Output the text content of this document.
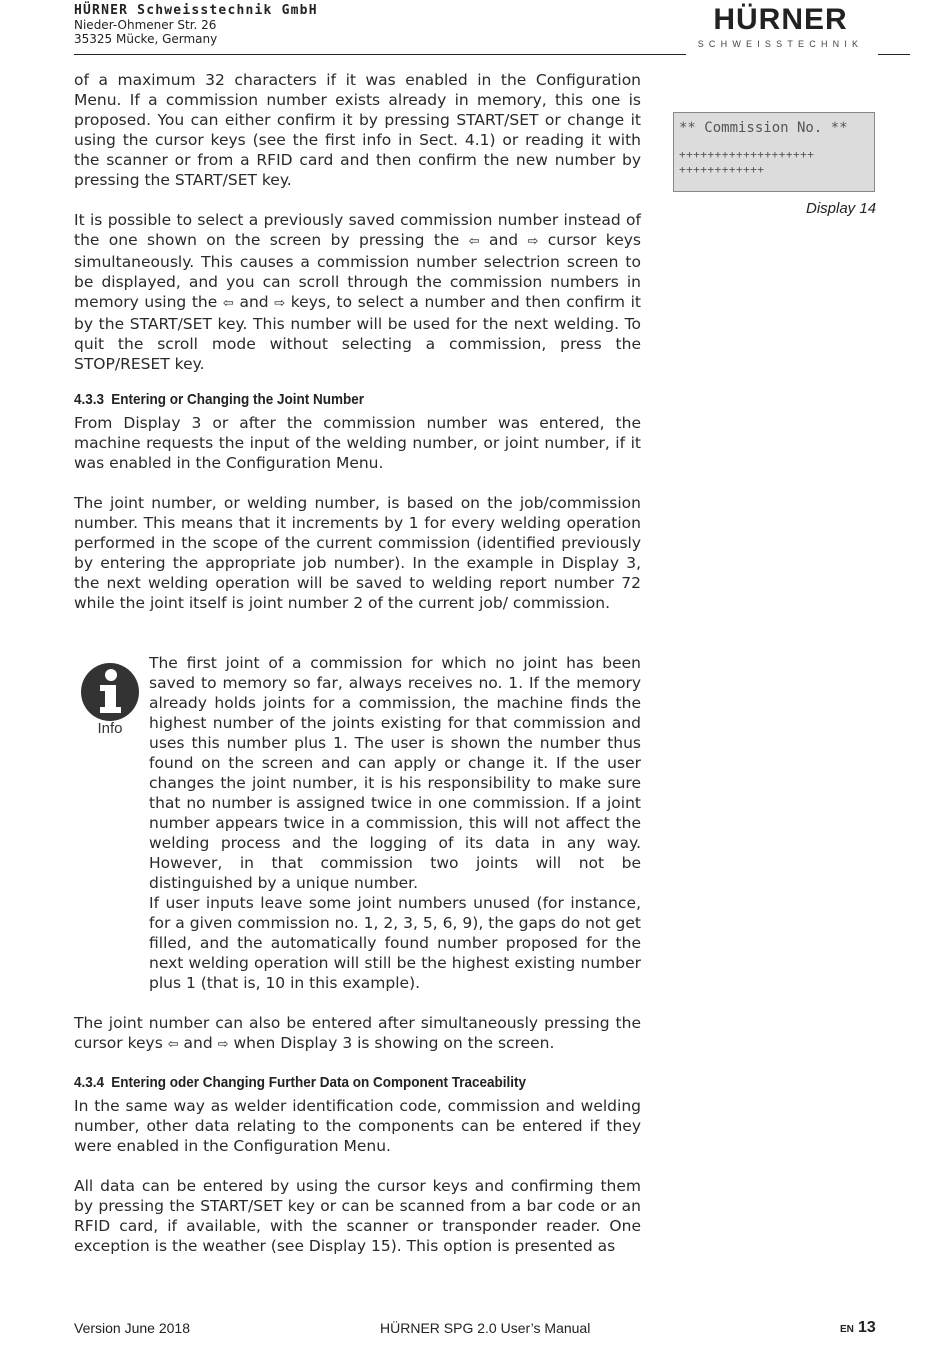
HÜRNER Schweisstechnik GmbH
Nieder-Ohmener Str. 26
35325 Mücke, Germany
HÜRNER
SCHWEISSTECHNIK
** Commission No. **
+++++++++++++++++++
++++++++++++
Display 14
of a maximum 32 characters if it was enabled in the Configuration Menu. If a commission number exists already in memory, this one is proposed. You can either confirm it by pressing START/SET or change it using the cursor keys (see the first info in Sect. 4.1) or reading it with the scanner or from a RFID card and then confirm the new number by pressing the START/SET key.
It is possible to select a previously saved commission number instead of the one shown on the screen by pressing the ⇦ and ⇨ cursor keys simultaneously. This causes a commission number selectrion screen to be displayed, and you can scroll through the commission numbers in memory using the ⇦ and ⇨ keys, to select a number and then confirm it by the START/SET key. This number will be used for the next welding. To quit the scroll mode without selecting a commission, press the STOP/RESET key.
4.3.3 Entering or Changing the Joint Number
From Display 3 or after the commission number was entered, the machine requests the input of the welding number, or joint number, if it was enabled in the Configuration Menu.
The joint number, or welding number, is based on the job/commission number. This means that it increments by 1 for every welding operation performed in the scope of the current commission (identified previously by entering the appropriate job number). In the example in Display 3, the next welding operation will be saved to welding report number 72 while the joint itself is joint number 2 of the current job/ commission.
Info
The first joint of a commission for which no joint has been saved to memory so far, always receives no. 1. If the memory already holds joints for a commission, the machine finds the highest number of the joints existing for that commission and uses this number plus 1. The user is shown the number thus found on the screen and can apply or change it. If the user changes the joint number, it is his responsibility to make sure that no number is assigned twice in one commission. If a joint number appears twice in a commission, this will not affect the welding process and the logging of its data in any way. However, in that commission two joints will not be distinguished by a unique number.
If user inputs leave some joint numbers unused (for instance, for a given commission no. 1, 2, 3, 5, 6, 9), the gaps do not get filled, and the automatically found number proposed for the next welding operation will still be the highest existing number plus 1 (that is, 10 in this example).
The joint number can also be entered after simultaneously pressing the cursor keys ⇦ and ⇨ when Display 3 is showing on the screen.
4.3.4 Entering oder Changing Further Data on Component Traceability
In the same way as welder identification code, commission and welding number, other data relating to the components can be entered if they were enabled in the Configuration Menu.
All data can be entered by using the cursor keys and confirming them by pressing the START/SET key or can be scanned from a bar code or an RFID card, if available, with the scanner or transponder reader. One exception is the weather (see Display 15). This option is presented as
Version June 2018	HÜRNER SPG 2.0 User’s Manual	EN 13
